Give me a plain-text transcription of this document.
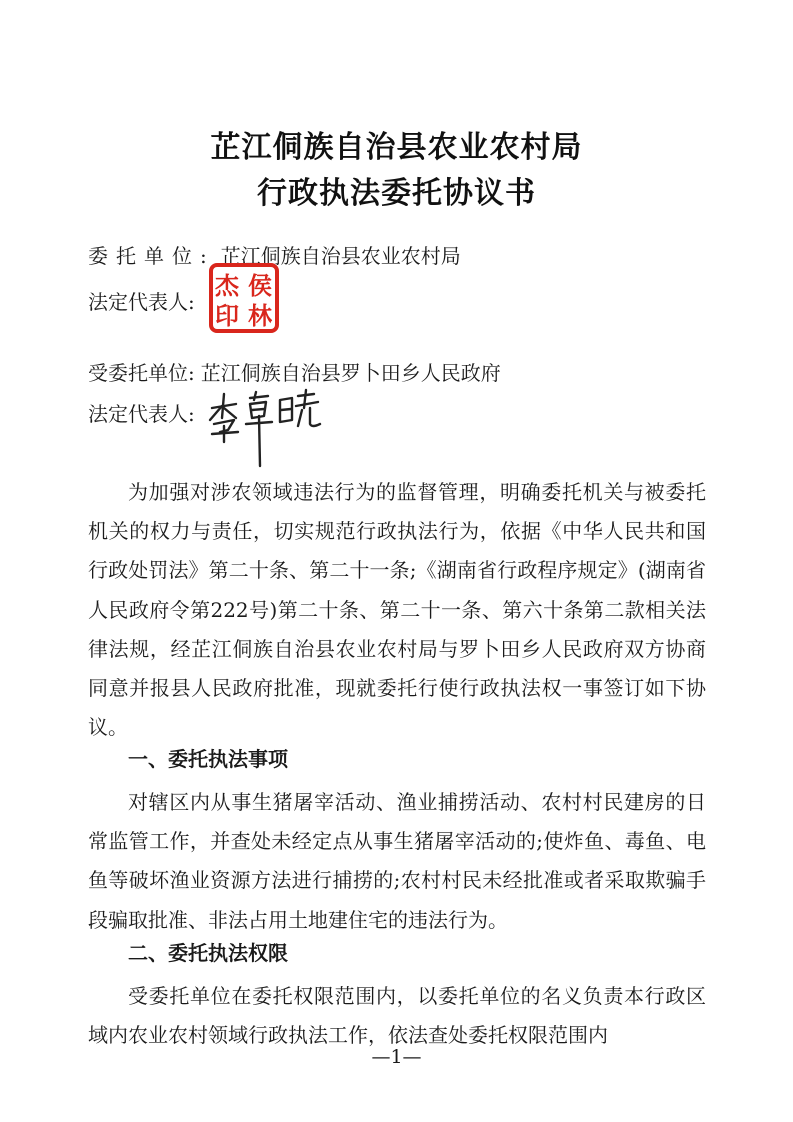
芷江侗族自治县农业农村局
行政执法委托协议书
委托单位: 芷江侗族自治县农业农村局
法定代表人:
杰 侯
印 林
受委托单位: 芷江侗族自治县罗卜田乡人民政府
法定代表人:

为加强对涉农领域违法行为的监督管理，明确委托机关与被委托机关的权力与责任，切实规范行政执法行为，依据《中华人民共和国行政处罚法》第二十条、第二十一条;《湖南省行政程序规定》(湖南省人民政府令第222号)第二十条、第二十一条、第六十条第二款相关法律法规，经芷江侗族自治县农业农村局与罗卜田乡人民政府双方协商同意并报县人民政府批准，现就委托行使行政执法权一事签订如下协议。

一、委托执法事项

对辖区内从事生猪屠宰活动、渔业捕捞活动、农村村民建房的日常监管工作，并查处未经定点从事生猪屠宰活动的;使炸鱼、毒鱼、电鱼等破坏渔业资源方法进行捕捞的;农村村民未经批准或者采取欺骗手段骗取批准、非法占用土地建住宅的违法行为。

二、委托执法权限

受委托单位在委托权限范围内，以委托单位的名义负责本行政区域内农业农村领域行政执法工作，依法查处委托权限范围内

—1—
